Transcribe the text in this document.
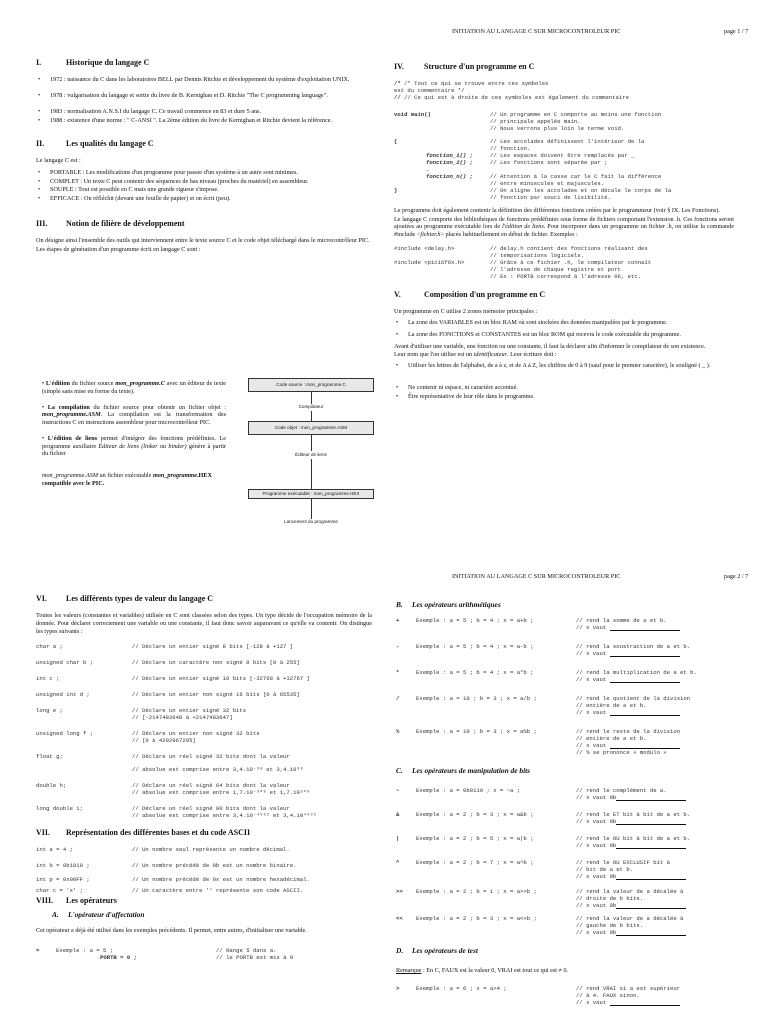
INITIATION AU LANGAGE C SUR MICROCONTROLEUR PIC	page 1 / 7
I.	Historique du langage C
• 1972 : naissance du C dans les laboratoires BELL par Dennis Ritchie et développement du système d'exploitation UNIX.
• 1978 : vulgarisation du langage et sortie du livre de B. Kernighan et D. Ritchie "The C programming language".
• 1983 : normalisation A.N.S.I du langage C. Ce travail commence en 83 et dure 5 ans.
• 1988 : existence d'une norme : " C-ANSI ". La 2ème édition du livre de Kernighan et Ritchie devient la référence.
II.	Les qualités du langage C

Le langage C est :

• PORTABLE : Les modifications d'un programme pour passer d'un système à un autre sont minimes.
• COMPLET : Un texte C peut contenir des séquences de bas niveau (proches du matériel) en assembleur.
• SOUPLE : Tout est possible en C mais une grande rigueur s'impose.
• EFFICACE : On réfléchit (devant une feuille de papier) et on écrit (peu).
III.	Notion de filière de développement

On désigne ainsi l'ensemble des outils qui interviennent entre le texte source C et le code objet téléchargé dans le microcontrôleur PIC.

Les étapes de génération d'un programme écrit en langage C sont :

• L'édition du fichier source mon_programme.C avec un éditeur de texte (simple sans mise en forme du texte).
• La compilation du fichier source pour obtenir un fichier objet : mon_programme.ASM. La compilation est la transformation des instructions C en instructions assembleur pour microcontrôleur PIC.
• L'édition de liens permet d'intégrer des fonctions prédéfinies. Le programme auxiliaire Éditeur de liens (linker ou binder) génère à partir du fichier
mon_programme.ASM un fichier exécutable mon_programme.HEX compatible avec le PIC.
Code source : mon_programme.C
Compilateur
Code objet : mon_programme.ASM
Éditeur de liens
Programme exécutable : mon_programme.HEX
Lancement du programme
IV.	Structure d'un programme en C
/* /* Tout ce qui se trouve entre ces symboles
est du commentaire */
// // Ce qui est à droite de ces symboles est également du commentaire
void main()	// Un programme en C comporte au moins une fonction
// principale appelée main.
// Nous verrons plus loin le terme void.
{	// Les accolades définissent l'intérieur de la
// fonction.
fonction_1() ;	// Les espaces doivent être remplacés par _
fonction_2() ;	// Les fonctions sont séparée par ;
…
fonction_n() ;	// Attention à la casse car le C fait la différence
// entre minuscules et majuscules.
}	// On aligne les accolades et on décale le corps de la
// fonction par souci de lisibilité.

Le programme doit également contenir la définition des différentes fonctions créées par le programmeur (voir § IX. Les Fonctions).

Le langage C comporte des bibliothèques de fonctions prédéfinies sous forme de fichiers comportant l'extension .h. Ces fonctions seront ajoutées au programme exécutable lors de l'édition de liens. Pour incorporer dans un programme un fichier .h, on utilise la commande #include <fichier.h> placée habituellement en début de fichier. Exemples :

#include <delay.h>	// delay.h contient des fonctions réalisant des
// temporisations logiciels.
#include <pic16f6x.h>	// Grâce à ce fichier .h, le compilateur connaît
// l'adresse de chaque registre et port
// Ex : PORTB correspond à l'adresse 06, etc.
V.	Composition d'un programme en C

Un programme en C utilise 2 zones mémoire principales :

• La zone des VARIABLES est un bloc RAM où sont stockées des données manipulées par le programme.
• La zone des FONCTIONS et CONSTANTES est un bloc ROM qui recevra le code exécutable du programme.

Avant d'utiliser une variable, une fonction ou une constante, il faut la déclarer afin d'informer le compilateur de son existence.

Leur nom que l'on utilise est un identificateur. Leur écriture doit :

• Utiliser les lettres de l'alphabet, de a à z, et de A à Z, les chiffres de 0 à 9 (sauf pour le premier caractère), le souligné ( _ ).
• Ne contenir ni espace, ni caractère accentué.
• Être représentative de leur rôle dans le programme.
INITIATION AU LANGAGE C SUR MICROCONTROLEUR PIC	page 2 / 7
VI.	Les différents types de valeur du langage C

Toutes les valeurs (constantes et variables) utilisée en C sont classées selon des types. Un type décide de l'occupation mémoire de la donnée. Pour déclarer correctement une variable ou une constante, il faut donc savoir auparavant ce qu'elle va contenir. On distingue les types suivants :

char a ;	// Déclare un entier signé 8 bits [-128 à +127 ]
unsigned char b ;	// Déclare un caractère non signé 8 bits [0 à 255]
int c ;	// Déclare un entier signé 16 bits [-32768 à +32767 ]
unsigned int d ;	// Déclare un entier non signé 16 bits [0 à 65535]
long e ;	// Déclare un entier signé 32 bits
// [-2147483648 à +2147483647]
unsigned long f ;	// Déclare un entier non signé 32 bits
// [0 à 4292967295]
float g;	// Déclare un réel signé 32 bits dont la valeur
// absolue est comprise entre 3,4.10⁻³⁸ et 3,4.10³⁸
double h;	// Déclare un réel signé 64 bits dont la valeur
// absolue est comprise entre 1,7.10⁻³⁰⁸ et 1,7.10³⁰⁸
long double i;	// Déclare un réel signé 80 bits dont la valeur
// absolue est comprise entre 3,4.10⁻⁴⁹³² et 3,4.10⁴⁹³²
VII.	Représentation des différentes bases et du code ASCII
int a = 4 ;	// Un nombre seul représente un nombre décimal.
int b = 0b1010 ;	// Un nombre précédé de 0b est un nombre binaire.
int p = 0x00FF ;	// Un nombre précédé de 0x est un nombre hexadécimal.
char c = 'x' ;	// Un caractère entre '' représente son code ASCII.
VIII.	Les opérateurs
A.	L'opérateur d'affectation

Cet opérateur a déjà été utilisé dans les exemples précédents. Il permet, entre autres, d'initialiser une variable.

=	Exemple : a = 5 ;
PORTB = 0 ;
// Range 5 dans a.
// le PORTB est mis à 0
B.	Les opérateurs arithmétiques
+	Exemple : a = 5 ; b = 4 ; x = a+b ;	// rend la somme de a et b.
// x vaut
-	Exemple : a = 5 ; b = 4 ; x = a-b ;	// rend la soustraction de a et b.
// x vaut
*	Exemple : a = 5 ; b = 4 ; x = a*b ;	// rend la multiplication de a et b.
// x vaut
/	Exemple : a = 10 ; b = 3 ; x = a/b ;	// rend le quotient de la division
// entière de a et b.
// x vaut
%	Exemple : a = 10 ; b = 3 ; x = a%b ;	// rend le reste de la division
// entière de a et b.
// x vaut
// % se prononce « modulo »
C.	Les opérateurs de manipulation de bits
~	Exemple : a = 0b0110 ; x = ~a ;	// rend le complément de a.
// x vaut 0b
&	Exemple : a = 2 ; b = 3 ; x = a&b ;	// rend le ET bit à bit de a et b.
// x vaut 0b
|	Exemple : a = 2 ; b = 5 ; x = a|b ;	// rend le OU bit à bit de a et b.
// x vaut 0b
^	Exemple : a = 2 ; b = 7 ; x = a^b ;	// rend le OU EXCLUSIF bit à
// bit de a et b.
// x vaut 0b
>>	Exemple : a = 2 ; b = 1 ; x = a>>b ;	// rend la valeur de a décalée à
// droite de b bits.
// x vaut 0b
<<	Exemple : a = 2 ; b = 3 ; x = a<<b ;	// rend la valeur de a décalée à
// gauche de b bits.
// x vaut 0b
D.	Les opérateurs de test

Remarque : En C, FAUX est la valeur 0, VRAI est tout ce qui est ≠ 0.

>	Exemple : a = 6 ; x = a>4 ;	// rend VRAI si a est supérieur
// à 4. FAUX sinon.
// x vaut
